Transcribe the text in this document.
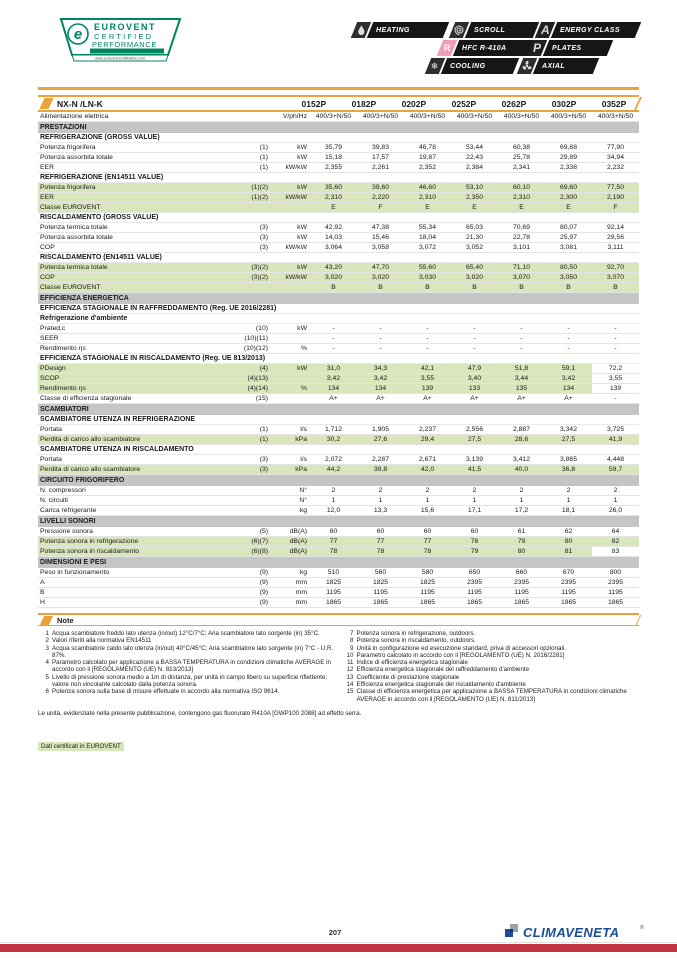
e EUROVENT
CERTIFIED
PERFORMANCE
www.eurovent-certification.com
HEATING	SCROLL	A	ENERGY CLASS
R	HFC R-410A	P	PLATES
❄	COOLING	AXIAL
NX-N /LN-K	0152P	0182P	0202P	0252P	0262P	0302P	0352P
Alimentazione elettrica	V/ph/Hz	400/3+N/50	400/3+N/50	400/3+N/50	400/3+N/50	400/3+N/50	400/3+N/50	400/3+N/50
PRESTAZIONI
REFRIGERAZIONE (GROSS VALUE)
Potenza frigorifera	(1)	kW	35,79	39,83	46,78	53,44	60,38	69,88	77,90
Potenza assorbita totale	(1)	kW	15,18	17,57	19,87	22,43	25,78	29,89	34,94
EER	(1)	kW/kW	2,355	2,261	2,352	2,384	2,341	2,338	2,232
REFRIGERAZIONE (EN14511 VALUE)
Potenza frigorifera	(1)(2)	kW	35,60	39,60	46,60	53,10	60,10	69,60	77,50
EER	(1)(2)	kW/kW	2,310	2,220	2,310	2,350	2,310	2,300	2,190
Classe EUROVENT	E	F	E	E	E	E	F
RISCALDAMENTO (GROSS VALUE)
Potenza termica totale	(3)	kW	42,92	47,38	55,34	65,03	70,69	80,07	92,14
Potenza assorbita totale	(3)	kW	14,03	15,46	18,04	21,30	22,78	25,97	29,56
COP	(3)	kW/kW	3,064	3,058	3,072	3,052	3,101	3,081	3,111
RISCALDAMENTO (EN14511 VALUE)
Potenza termica totale	(3)(2)	kW	43,20	47,70	55,60	65,40	71,10	80,50	92,70
COP	(3)(2)	kW/kW	3,020	3,020	3,030	3,020	3,070	3,050	3,070
Classe EUROVENT	B	B	B	B	B	B	B
EFFICIENZA ENERGETICA
EFFICIENZA STAGIONALE IN RAFFREDDAMENTO (Reg. UE 2016/2281)
Refrigerazione d'ambiente
Prated,c	(10)	kW	-	-	-	-	-	-	-
SEER	(10)(11)	-	-	-	-	-	-	-
Rendimento ηs	(10)(12)	%	-	-	-	-	-	-	-
EFFICIENZA STAGIONALE IN RISCALDAMENTO (Reg. UE 813/2013)
PDesign	(4)	kW	31,0	34,3	42,1	47,9	51,8	59,1	72,2
SCOP	(4)(13)	3,42	3,42	3,55	3,40	3,44	3,42	3,55
Rendimento ηs	(4)(14)	%	134	134	139	133	135	134	139
Classe di efficienza stagionale	(15)	A+	A+	A+	A+	A+	A+	-
SCAMBIATORI
SCAMBIATORE UTENZA IN REFRIGERAZIONE
Portata	(1)	l/s	1,712	1,905	2,237	2,556	2,887	3,342	3,725
Perdita di carico allo scambiatore	(1)	kPa	30,2	27,6	29,4	27,5	28,6	27,5	41,9
SCAMBIATORE UTENZA IN RISCALDAMENTO
Portata	(3)	l/s	2,072	2,287	2,671	3,139	3,412	3,865	4,448
Perdita di carico allo scambiatore	(3)	kPa	44,2	39,8	42,0	41,5	40,0	36,8	59,7
CIRCUITO FRIGORIFERO
N. compressori	N°	2	2	2	2	2	2	2
N. circuiti	N°	1	1	1	1	1	1	1
Carica refrigerante	kg	12,0	13,3	15,6	17,1	17,2	18,1	26,0
LIVELLI SONORI
Pressione sonora	(5)	dB(A)	60	60	60	60	61	62	64
Potenza sonora in refrigerazione	(6)(7)	dB(A)	77	77	77	78	79	80	82
Potenza sonora in riscaldamento	(6)(8)	dB(A)	78	78	78	79	80	81	83
DIMENSIONI E PESI
Peso in funzionamento	(9)	kg	510	560	580	650	660	670	800
A	(9)	mm	1825	1825	1825	2395	2395	2395	2395
B	(9)	mm	1195	1195	1195	1195	1195	1195	1195
H	(9)	mm	1865	1865	1865	1865	1865	1865	1865
Note
1 Acqua scambiatore freddo lato utenza (in/out) 12°C/7°C; Aria scambiatore lato sorgente (in) 35°C.
2 Valori riferiti alla normativa EN14511
3 Acqua scambiatore caldo lato utenza (in/out) 40°C/45°C; Aria scambiatore lato sorgente (in) 7°C - U.R. 87%.
4 Parametro calcolato per applicazione a BASSA TEMPERATURA in condizioni climatiche AVERAGE in accordo con il [REGOLAMENTO (UE) N. 813/2013]
5 Livello di pressione sonora medio a 1m di distanza, per unità in campo libero su superficie riflettente; valore non vincolante calcolato dalla potenza sonora.
6 Potenza sonora sulla base di misure effettuate in accordo alla normativa ISO 9614.
7 Potenza sonora in refrigerazione, outdoors.
8 Potenza sonora in riscaldamento, outdoors.
9 Unità in configurazione ed esecuzione standard, priva di accessori opzionali.
10 Parametro calcolato in accordo con il [REGOLAMENTO (UE) N. 2016/2281]
11 Indice di efficienza energetica stagionale
12 Efficienza energetica stagionale del raffreddamento d'ambiente
13 Coefficiente di prestazione stagionale
14 Efficienza energetica stagionale del riscaldamento d'ambiente
15 Classe di efficienza energetica per applicazione a BASSA TEMPERATURA in condizioni climatiche AVERAGE in accordo con il [REGOLAMENTO (UE) N. 811/2013]
Le unità, evidenziate nella presente pubblicazione, contengono gas fluorurato R410A [GWP100 2088] ad effetto serra.

Dati certificati in EUROVENT
207	CLIMAVENETA	®
